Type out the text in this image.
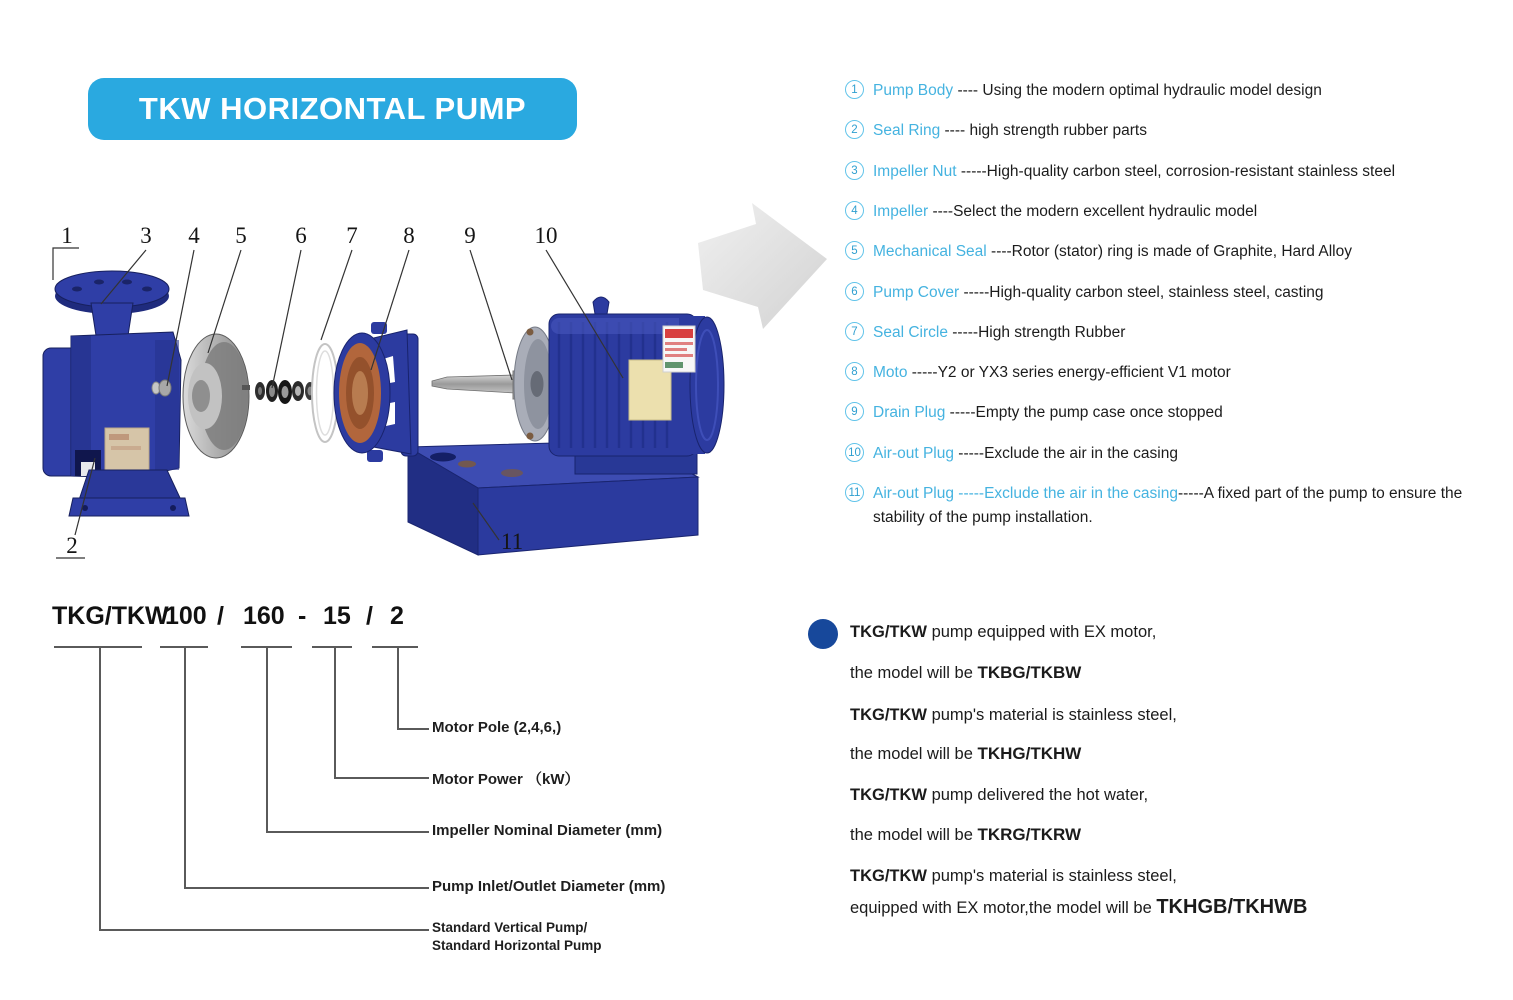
TKW HORIZONTAL PUMP
1
2
3 4 5 6 7 8 9	10
11
1 Pump Body ---- Using the modern optimal hydraulic model design
2 Seal Ring ---- high strength rubber parts
3 Impeller Nut -----High-quality carbon steel, corrosion-resistant stainless steel
4 Impeller ----Select the modern excellent hydraulic model
5 Mechanical Seal ----Rotor (stator) ring is made of Graphite, Hard Alloy
6 Pump Cover -----High-quality carbon steel, stainless steel, casting
7 Seal Circle -----High strength Rubber
8 Moto -----Y2 or YX3 series energy-efficient V1 motor
9 Drain Plug -----Empty the pump case once stopped
10 Air-out Plug -----Exclude the air in the casing
11 Air-out Plug -----Exclude the air in the casing-----A fixed part of the pump to ensure the stability of the pump installation.
TKG/TKW
100 / 160 - 15 / 2
Motor Pole (2,4,6,)
Motor Power （kW）
Impeller Nominal Diameter (mm)
Pump Inlet/Outlet Diameter (mm)
Standard Vertical Pump/
Standard Horizontal Pump
TKG/TKW pump equipped with EX motor,
the model will be TKBG/TKBW
TKG/TKW pump's material is stainless steel,
the model will be TKHG/TKHW
TKG/TKW pump delivered the hot water,
the model will be TKRG/TKRW
TKG/TKW pump's material is stainless steel,
equipped with EX motor,the model will be TKHGB/TKHWB
